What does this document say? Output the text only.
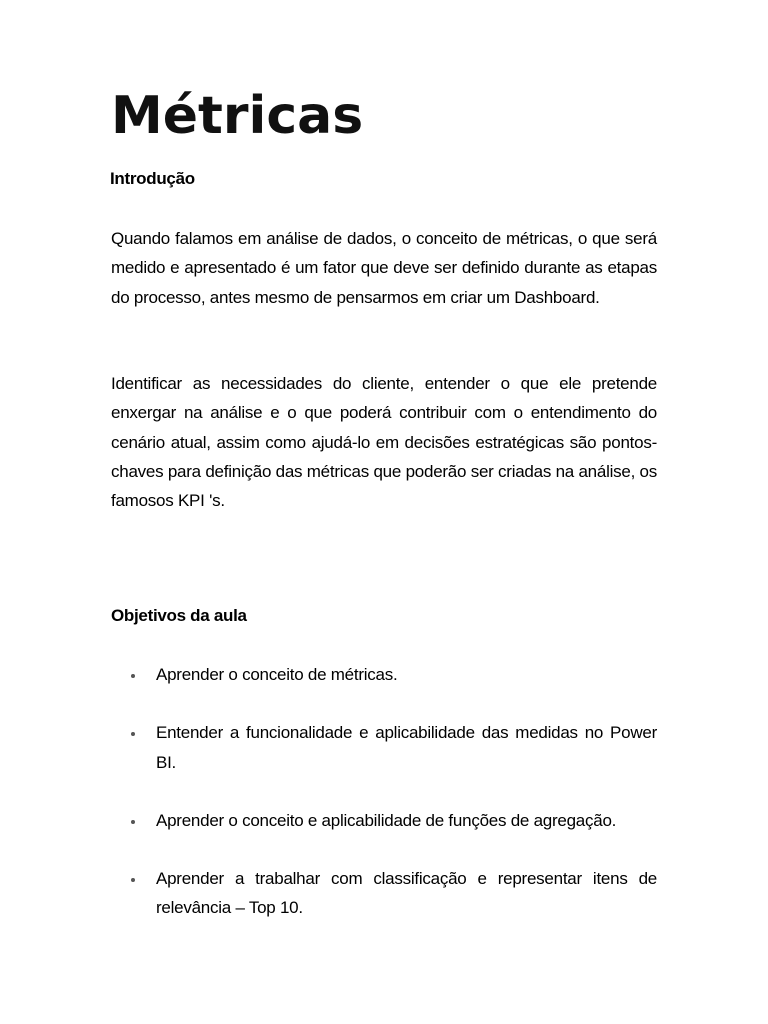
Métricas
Introdução

Quando falamos em análise de dados, o conceito de métricas, o que será medido e apresentado é um fator que deve ser definido durante as etapas do processo, antes mesmo de pensarmos em criar um Dashboard.

Identificar as necessidades do cliente, entender o que ele pretende enxergar na análise e o que poderá contribuir com o entendimento do cenário atual, assim como ajudá-lo em decisões estratégicas são pontos-chaves para definição das métricas que poderão ser criadas na análise, os famosos KPI 's.

Objetivos da aula
Aprender o conceito de métricas.
Entender a funcionalidade e aplicabilidade das medidas no Power BI.
Aprender o conceito e aplicabilidade de funções de agregação.
Aprender a trabalhar com classificação e representar itens de relevância – Top 10.
